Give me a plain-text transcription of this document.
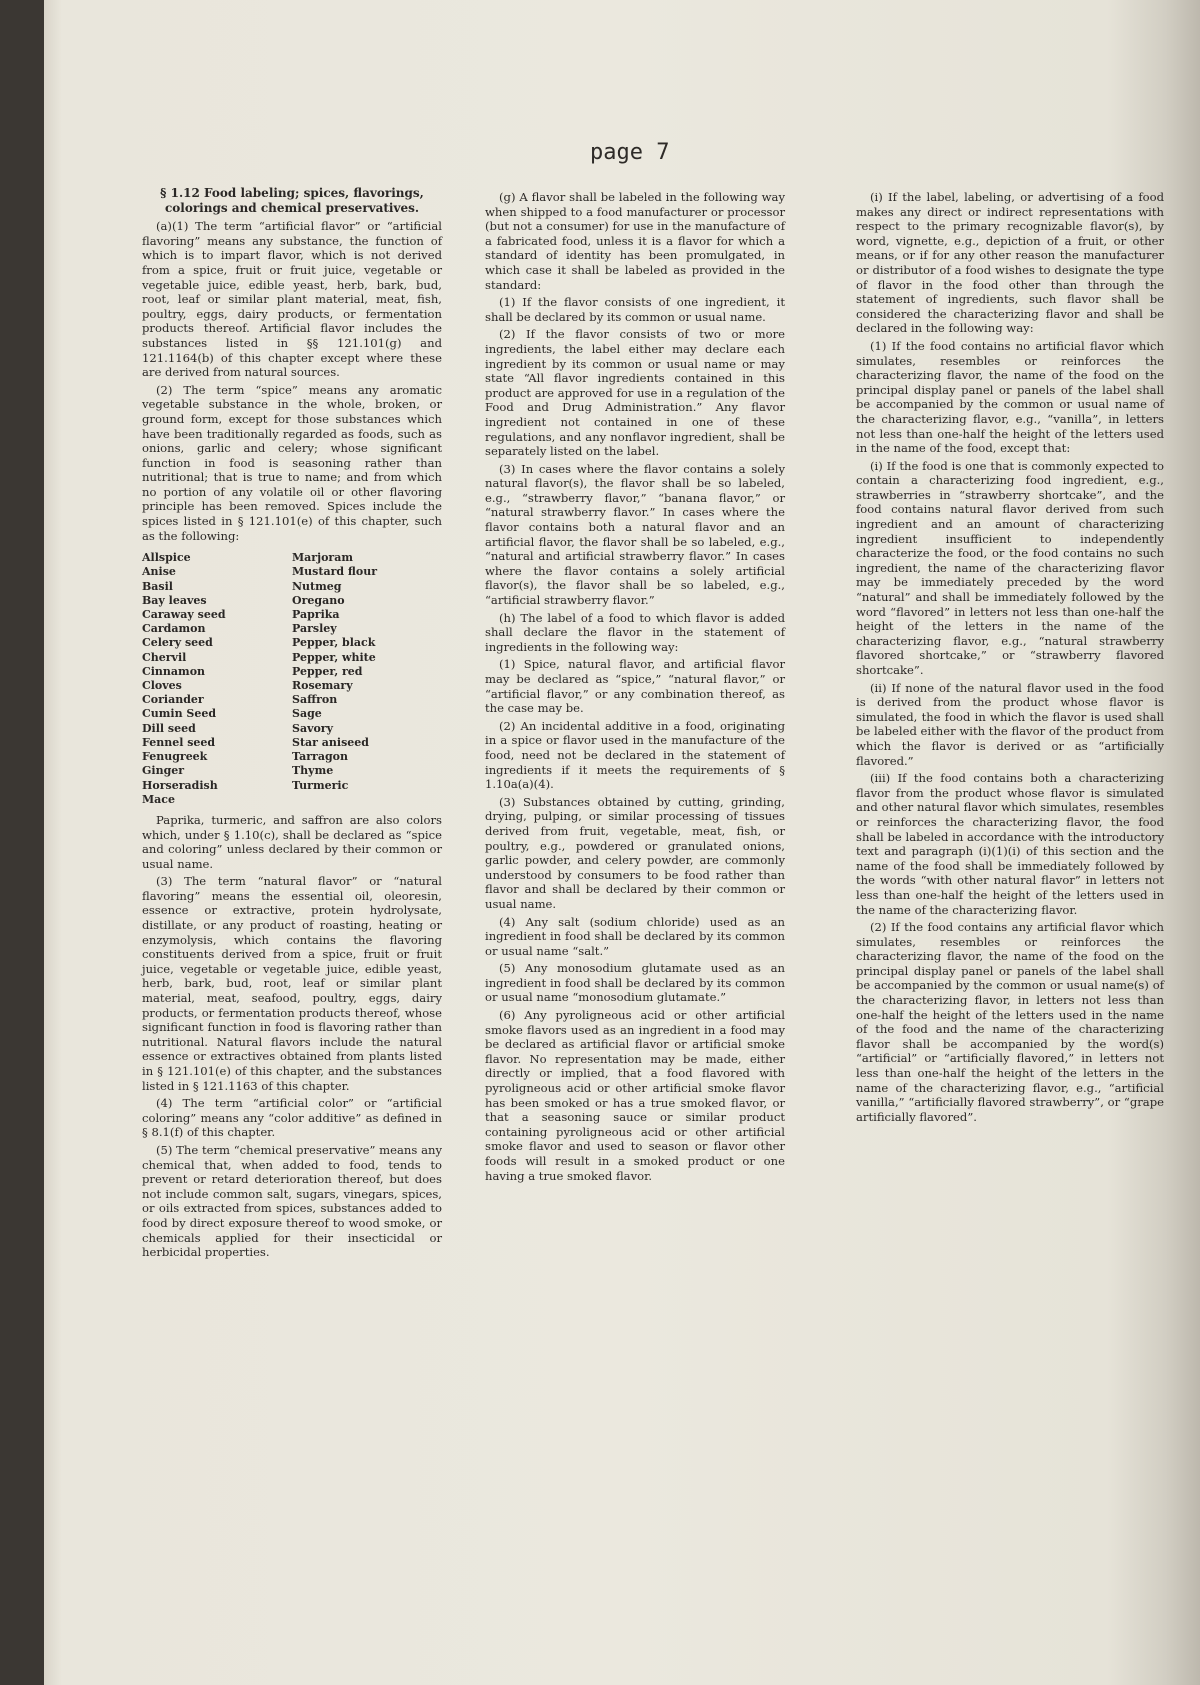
page 7
§ 1.12 Food labeling; spices, flavorings, colorings and chemical preservatives.

(a)(1) The term “artificial flavor” or “artificial flavoring” means any substance, the function of which is to impart flavor, which is not derived from a spice, fruit or fruit juice, vegetable or vegetable juice, edible yeast, herb, bark, bud, root, leaf or similar plant material, meat, fish, poultry, eggs, dairy products, or fermentation products thereof. Artificial flavor includes the substances listed in §§ 121.101(g) and 121.1164(b) of this chapter except where these are derived from natural sources.

(2) The term “spice” means any aromatic vegetable substance in the whole, broken, or ground form, except for those substances which have been traditionally regarded as foods, such as onions, garlic and celery; whose significant function in food is seasoning rather than nutritional; that is true to name; and from which no portion of any volatile oil or other flavoring principle has been removed. Spices include the spices listed in § 121.101(e) of this chapter, such as the following:

Allspice
Anise
Basil
Bay leaves
Caraway seed
Cardamon
Celery seed
Chervil
Cinnamon
Cloves
Coriander
Cumin Seed
Dill seed
Fennel seed
Fenugreek
Ginger
Horseradish
Mace
Marjoram
Mustard flour
Nutmeg
Oregano
Paprika
Parsley
Pepper, black
Pepper, white
Pepper, red
Rosemary
Saffron
Sage
Savory
Star aniseed
Tarragon
Thyme
Turmeric

Paprika, turmeric, and saffron are also colors which, under § 1.10(c), shall be declared as “spice and coloring” unless declared by their common or usual name.

(3) The term “natural flavor” or “natural flavoring” means the essential oil, oleoresin, essence or extractive, protein hydrolysate, distillate, or any product of roasting, heating or enzymolysis, which contains the flavoring constituents derived from a spice, fruit or fruit juice, vegetable or vegetable juice, edible yeast, herb, bark, bud, root, leaf or similar plant material, meat, seafood, poultry, eggs, dairy products, or fermentation products thereof, whose significant function in food is flavoring rather than nutritional. Natural flavors include the natural essence or extractives obtained from plants listed in § 121.101(e) of this chapter, and the substances listed in § 121.1163 of this chapter.

(4) The term “artificial color” or “artificial coloring” means any “color additive” as defined in § 8.1(f) of this chapter.

(5) The term “chemical preservative” means any chemical that, when added to food, tends to prevent or retard deterioration thereof, but does not include common salt, sugars, vinegars, spices, or oils extracted from spices, substances added to food by direct exposure thereof to wood smoke, or chemicals applied for their insecticidal or herbicidal properties.

(g) A flavor shall be labeled in the following way when shipped to a food manufacturer or processor (but not a consumer) for use in the manufacture of a fabricated food, unless it is a flavor for which a standard of identity has been promulgated, in which case it shall be labeled as provided in the standard:

(1) If the flavor consists of one ingredient, it shall be declared by its common or usual name.

(2) If the flavor consists of two or more ingredients, the label either may declare each ingredient by its common or usual name or may state “All flavor ingredients contained in this product are approved for use in a regulation of the Food and Drug Administration.” Any flavor ingredient not contained in one of these regulations, and any nonflavor ingredient, shall be separately listed on the label.

(3) In cases where the flavor contains a solely natural flavor(s), the flavor shall be so labeled, e.g., “strawberry flavor,” “banana flavor,” or “natural strawberry flavor.” In cases where the flavor contains both a natural flavor and an artificial flavor, the flavor shall be so labeled, e.g., “natural and artificial strawberry flavor.” In cases where the flavor contains a solely artificial flavor(s), the flavor shall be so labeled, e.g., “artificial strawberry flavor.”

(h) The label of a food to which flavor is added shall declare the flavor in the statement of ingredients in the following way:

(1) Spice, natural flavor, and artificial flavor may be declared as “spice,” “natural flavor,” or “artificial flavor,” or any combination thereof, as the case may be.

(2) An incidental additive in a food, originating in a spice or flavor used in the manufacture of the food, need not be declared in the statement of ingredients if it meets the requirements of § 1.10a(a)(4).

(3) Substances obtained by cutting, grinding, drying, pulping, or similar processing of tissues derived from fruit, vegetable, meat, fish, or poultry, e.g., powdered or granulated onions, garlic powder, and celery powder, are commonly understood by consumers to be food rather than flavor and shall be declared by their common or usual name.

(4) Any salt (sodium chloride) used as an ingredient in food shall be declared by its common or usual name “salt.”

(5) Any monosodium glutamate used as an ingredient in food shall be declared by its common or usual name “monosodium glutamate.”

(6) Any pyroligneous acid or other artificial smoke flavors used as an ingredient in a food may be declared as artificial flavor or artificial smoke flavor. No representation may be made, either directly or implied, that a food flavored with pyroligneous acid or other artificial smoke flavor has been smoked or has a true smoked flavor, or that a seasoning sauce or similar product containing pyroligneous acid or other artificial smoke flavor and used to season or flavor other foods will result in a smoked product or one having a true smoked flavor.

(i) If the label, labeling, or advertising of a food makes any direct or indirect representations with respect to the primary recognizable flavor(s), by word, vignette, e.g., depiction of a fruit, or other means, or if for any other reason the manufacturer or distributor of a food wishes to designate the type of flavor in the food other than through the statement of ingredients, such flavor shall be considered the characterizing flavor and shall be declared in the following way:

(1) If the food contains no artificial flavor which simulates, resembles or reinforces the characterizing flavor, the name of the food on the principal display panel or panels of the label shall be accompanied by the common or usual name of the characterizing flavor, e.g., “vanilla”, in letters not less than one-half the height of the letters used in the name of the food, except that:

(i) If the food is one that is commonly expected to contain a characterizing food ingredient, e.g., strawberries in “strawberry shortcake”, and the food contains natural flavor derived from such ingredient and an amount of characterizing ingredient insufficient to independently characterize the food, or the food contains no such ingredient, the name of the characterizing flavor may be immediately preceded by the word “natural” and shall be immediately followed by the word “flavored” in letters not less than one-half the height of the letters in the name of the characterizing flavor, e.g., “natural strawberry flavored shortcake,” or “strawberry flavored shortcake”.

(ii) If none of the natural flavor used in the food is derived from the product whose flavor is simulated, the food in which the flavor is used shall be labeled either with the flavor of the product from which the flavor is derived or as “artificially flavored.”

(iii) If the food contains both a characterizing flavor from the product whose flavor is simulated and other natural flavor which simulates, resembles or reinforces the characterizing flavor, the food shall be labeled in accordance with the introductory text and paragraph (i)(1)(i) of this section and the name of the food shall be immediately followed by the words “with other natural flavor” in letters not less than one-half the height of the letters used in the name of the characterizing flavor.

(2) If the food contains any artificial flavor which simulates, resembles or reinforces the characterizing flavor, the name of the food on the principal display panel or panels of the label shall be accompanied by the common or usual name(s) of the characterizing flavor, in letters not less than one-half the height of the letters used in the name of the food and the name of the characterizing flavor shall be accompanied by the word(s) “artificial” or “artificially flavored,” in letters not less than one-half the height of the letters in the name of the characterizing flavor, e.g., “artificial vanilla,” “artificially flavored strawberry”, or “grape artificially flavored”.
